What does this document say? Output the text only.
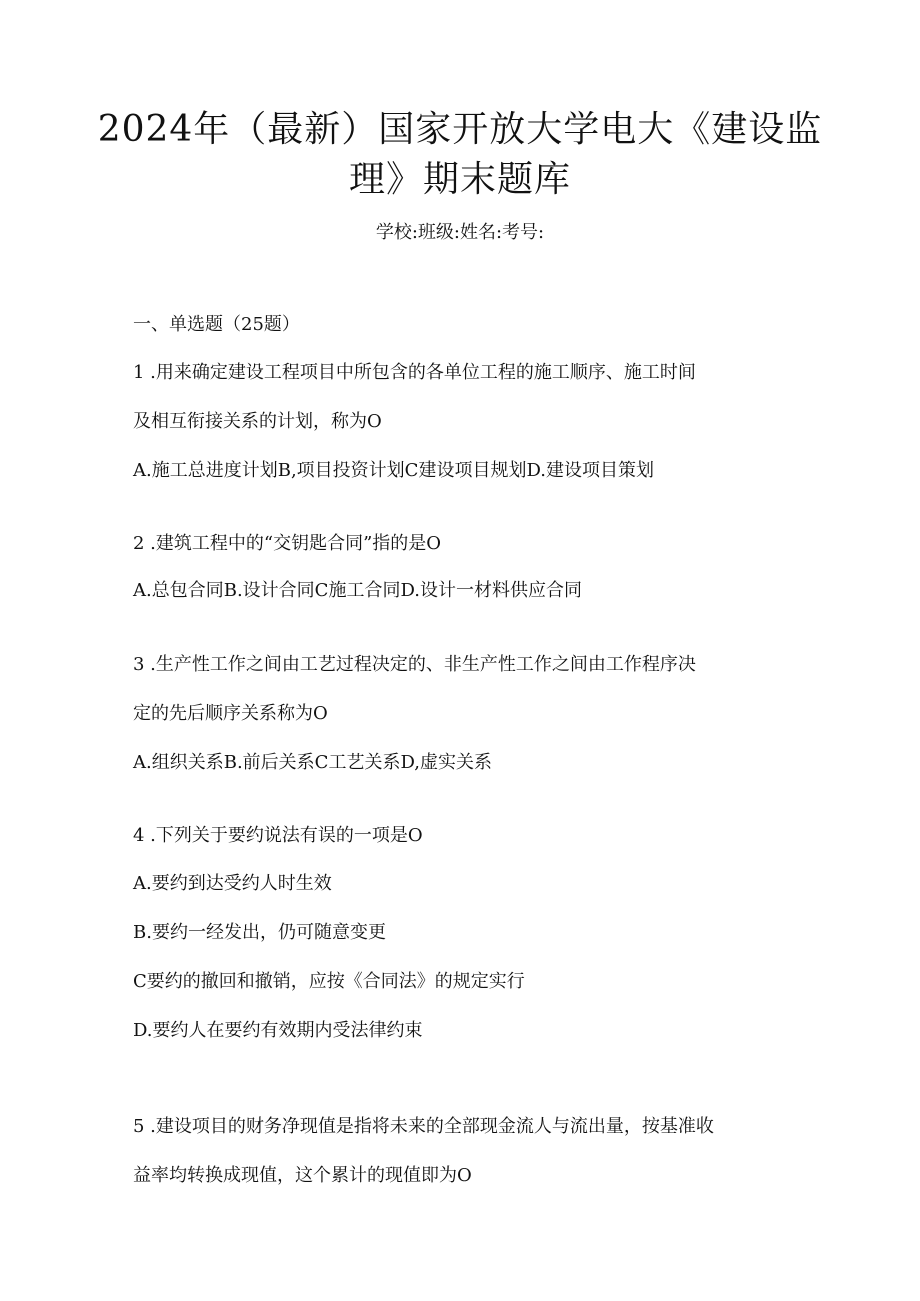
2024年（最新）国家开放大学电大《建设监
理》期末题库
学校:班级:姓名:考号:
一、单选题（25题）
1 .用来确定建设工程项目中所包含的各单位工程的施工顺序、施工时间
及相互衔接关系的计划，称为O
A.施工总进度计划B,项目投资计划C建设项目规划D.建设项目策划
2 .建筑工程中的“交钥匙合同”指的是O
A.总包合同B.设计合同C施工合同D.设计一材料供应合同
3 .生产性工作之间由工艺过程决定的、非生产性工作之间由工作程序决
定的先后顺序关系称为O
A.组织关系B.前后关系C工艺关系D,虚实关系
4 .下列关于要约说法有误的一项是O
A.要约到达受约人时生效
B.要约一经发出，仍可随意变更
C要约的撤回和撤销，应按《合同法》的规定实行
D.要约人在要约有效期内受法律约束
5 .建设项目的财务净现值是指将未来的全部现金流人与流出量，按基准收
益率均转换成现值，这个累计的现值即为O
